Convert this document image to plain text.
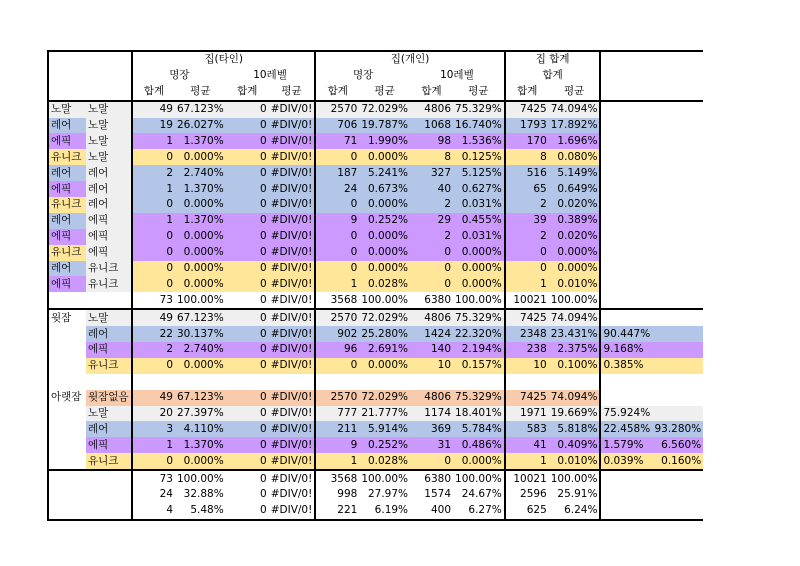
		집(타인)				집(개인)				집 합계			
		명장		10레벨		명장		10레벨		합계			
		합계	평균	합계	평균	합계	평균	합계	평균	합계	평균		
노말	노말	49	67.123%	0	#DIV/0!	2570	72.029%	4806	75.329%	7425	74.094%		
레어	노말	19	26.027%	0	#DIV/0!	706	19.787%	1068	16.740%	1793	17.892%		
에픽	노말	1	1.370%	0	#DIV/0!	71	1.990%	98	1.536%	170	1.696%		
유니크	노말	0	0.000%	0	#DIV/0!	0	0.000%	8	0.125%	8	0.080%		
레어	레어	2	2.740%	0	#DIV/0!	187	5.241%	327	5.125%	516	5.149%		
에픽	레어	1	1.370%	0	#DIV/0!	24	0.673%	40	0.627%	65	0.649%		
유니크	레어	0	0.000%	0	#DIV/0!	0	0.000%	2	0.031%	2	0.020%		
레어	에픽	1	1.370%	0	#DIV/0!	9	0.252%	29	0.455%	39	0.389%		
에픽	에픽	0	0.000%	0	#DIV/0!	0	0.000%	2	0.031%	2	0.020%		
유니크	에픽	0	0.000%	0	#DIV/0!	0	0.000%	0	0.000%	0	0.000%		
레어	유니크	0	0.000%	0	#DIV/0!	0	0.000%	0	0.000%	0	0.000%		
에픽	유니크	0	0.000%	0	#DIV/0!	1	0.028%	0	0.000%	1	0.010%		
		73	100.00%	0	#DIV/0!	3568	100.00%	6380	100.00%	10021	100.00%		
윗잠	노말	49	67.123%	0	#DIV/0!	2570	72.029%	4806	75.329%	7425	74.094%		
	레어	22	30.137%	0	#DIV/0!	902	25.280%	1424	22.320%	2348	23.431%	90.447%	
	에픽	2	2.740%	0	#DIV/0!	96	2.691%	140	2.194%	238	2.375%	9.168%	
	유니크	0	0.000%	0	#DIV/0!	0	0.000%	10	0.157%	10	0.100%	0.385%	

아랫잠	윗잠없음	49	67.123%	0	#DIV/0!	2570	72.029%	4806	75.329%	7425	74.094%		
	노말	20	27.397%	0	#DIV/0!	777	21.777%	1174	18.401%	1971	19.669%	75.924%	
	레어	3	4.110%	0	#DIV/0!	211	5.914%	369	5.784%	583	5.818%	22.458%	93.280%
	에픽	1	1.370%	0	#DIV/0!	9	0.252%	31	0.486%	41	0.409%	1.579%	6.560%
	유니크	0	0.000%	0	#DIV/0!	1	0.028%	0	0.000%	1	0.010%	0.039%	0.160%
		73	100.00%	0	#DIV/0!	3568	100.00%	6380	100.00%	10021	100.00%		
		24	32.88%	0	#DIV/0!	998	27.97%	1574	24.67%	2596	25.91%		
		4	5.48%	0	#DIV/0!	221	6.19%	400	6.27%	625	6.24%		
